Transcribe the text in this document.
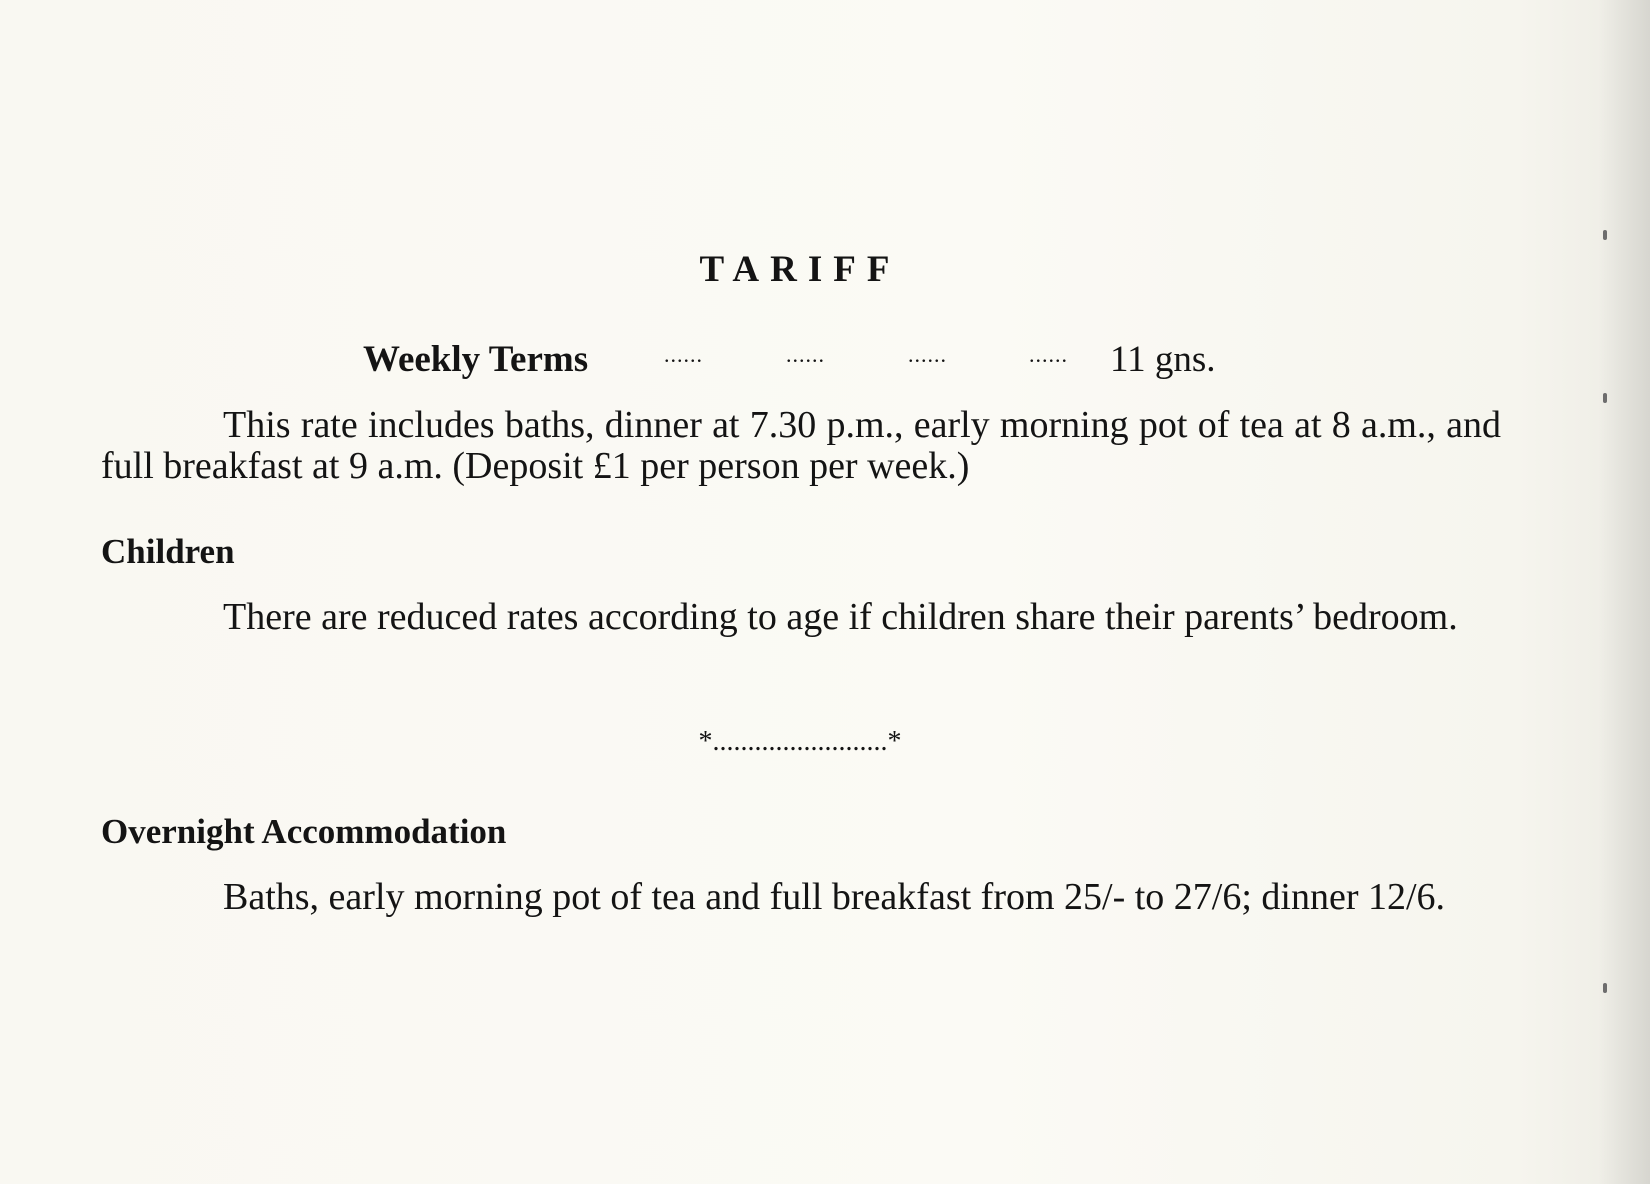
TARIFF
Weekly Terms	......	......	......	...... 11 gns.
This rate includes baths, dinner at 7.30 p.m., early morning pot of tea at 8 a.m., and full breakfast at 9 a.m. (Deposit £1 per person per week.)
Children
There are reduced rates according to age if children share their parents’ bedroom.
*.........................*
Overnight Accommodation
Baths, early morning pot of tea and full breakfast from 25/- to 27/6; dinner 12/6.
